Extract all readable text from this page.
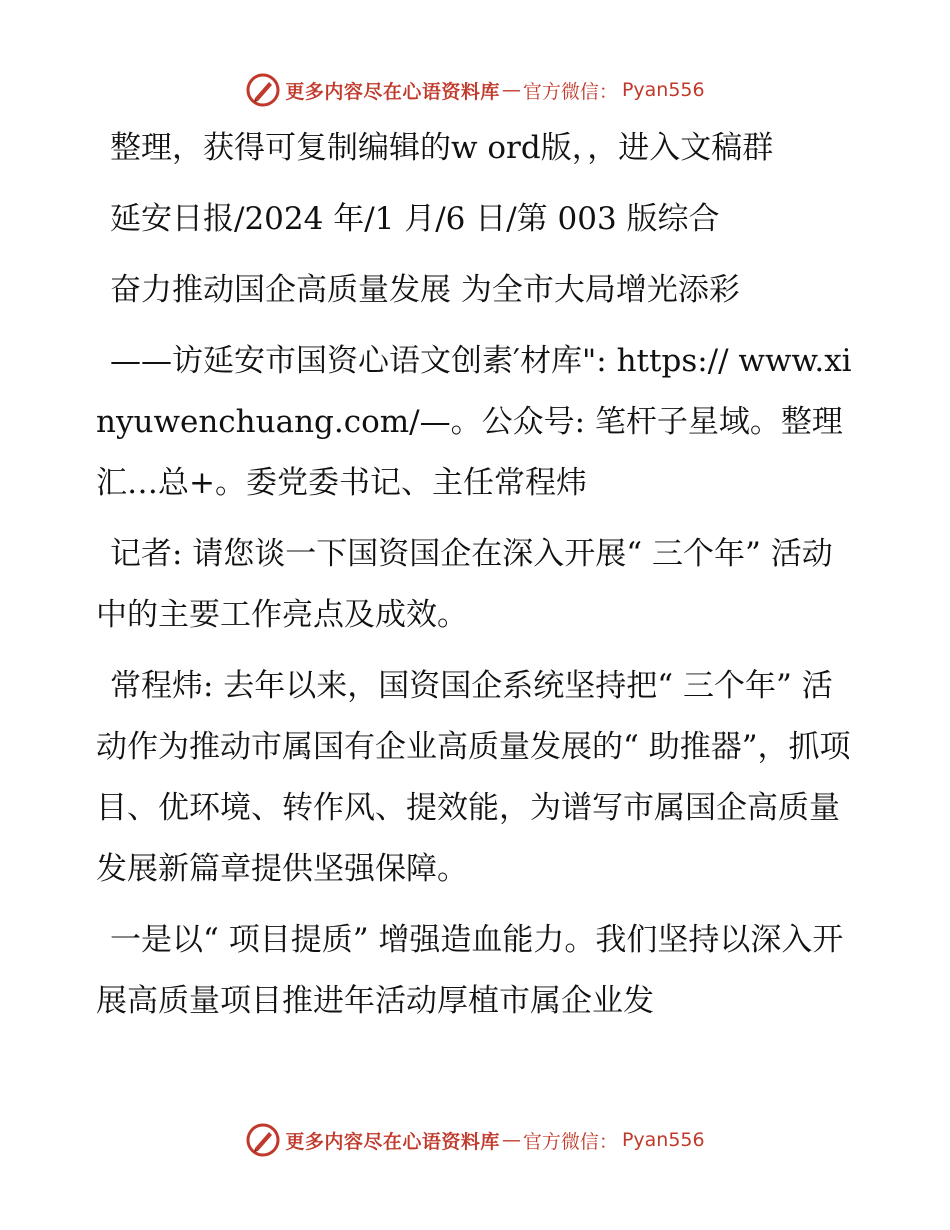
更多内容尽在心语资料库 — 官方微信： Pyan556

整理，获得可复制编辑的w ord版，，进入文稿群

延安日报/2024 年/1 月/6 日/第 003 版综合

奋力推动国企高质量发展 为全市大局增光添彩

——访延安市国资心语文创素′材库": https:// www.xinyuwenchuang.com/—。公众号: 笔杆子星域。整理汇…总+。委党委书记、主任常程炜

记者: 请您谈一下国资国企在深入开展“ 三个年” 活动中的主要工作亮点及成效。

常程炜: 去年以来，国资国企系统坚持把“ 三个年” 活动作为推动市属国有企业高质量发展的“ 助推器”，抓项目、优环境、转作风、提效能，为谱写市属国企高质量发展新篇章提供坚强保障。

一是以“ 项目提质” 增强造血能力。我们坚持以深入开展高质量项目推进年活动厚植市属企业发

更多内容尽在心语资料库 — 官方微信： Pyan556
